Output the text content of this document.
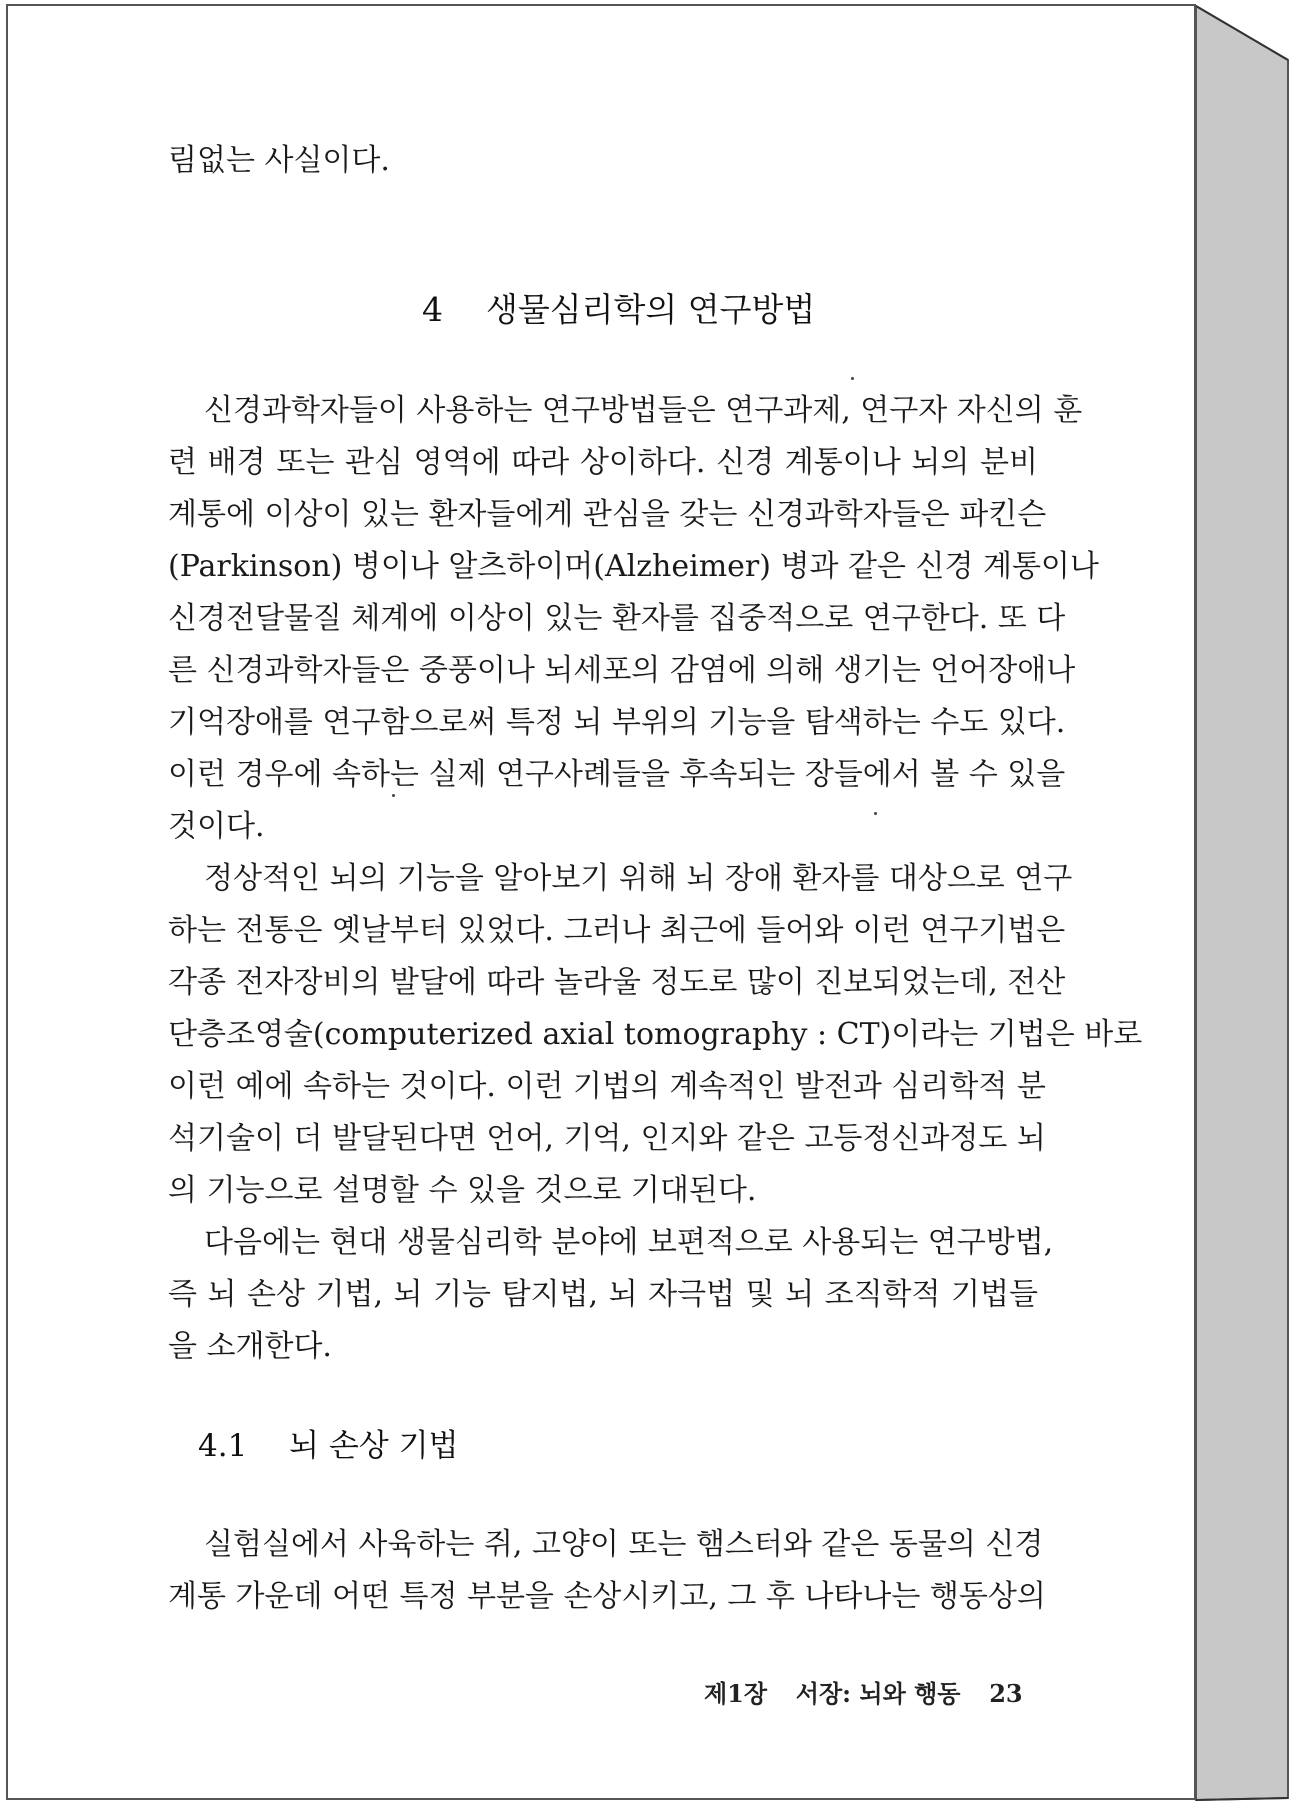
림없는 사실이다.
4 생물심리학의 연구방법
신경과학자들이 사용하는 연구방법들은 연구과제, 연구자 자신의 훈
련 배경 또는 관심 영역에 따라 상이하다. 신경 계통이나 뇌의 분비
계통에 이상이 있는 환자들에게 관심을 갖는 신경과학자들은 파킨슨
(Parkinson) 병이나 알츠하이머(Alzheimer) 병과 같은 신경 계통이나
신경전달물질 체계에 이상이 있는 환자를 집중적으로 연구한다. 또 다
른 신경과학자들은 중풍이나 뇌세포의 감염에 의해 생기는 언어장애나
기억장애를 연구함으로써 특정 뇌 부위의 기능을 탐색하는 수도 있다.
이런 경우에 속하는 실제 연구사례들을 후속되는 장들에서 볼 수 있을
것이다.
정상적인 뇌의 기능을 알아보기 위해 뇌 장애 환자를 대상으로 연구
하는 전통은 옛날부터 있었다. 그러나 최근에 들어와 이런 연구기법은
각종 전자장비의 발달에 따라 놀라울 정도로 많이 진보되었는데, 전산
단층조영술(computerized axial tomography : CT)이라는 기법은 바로
이런 예에 속하는 것이다. 이런 기법의 계속적인 발전과 심리학적 분
석기술이 더 발달된다면 언어, 기억, 인지와 같은 고등정신과정도 뇌
의 기능으로 설명할 수 있을 것으로 기대된다.
다음에는 현대 생물심리학 분야에 보편적으로 사용되는 연구방법,
즉 뇌 손상 기법, 뇌 기능 탐지법, 뇌 자극법 및 뇌 조직학적 기법들
을 소개한다.
4.1 뇌 손상 기법
실험실에서 사육하는 쥐, 고양이 또는 햄스터와 같은 동물의 신경
계통 가운데 어떤 특정 부분을 손상시키고, 그 후 나타나는 행동상의
제1장 서장: 뇌와 행동 23
